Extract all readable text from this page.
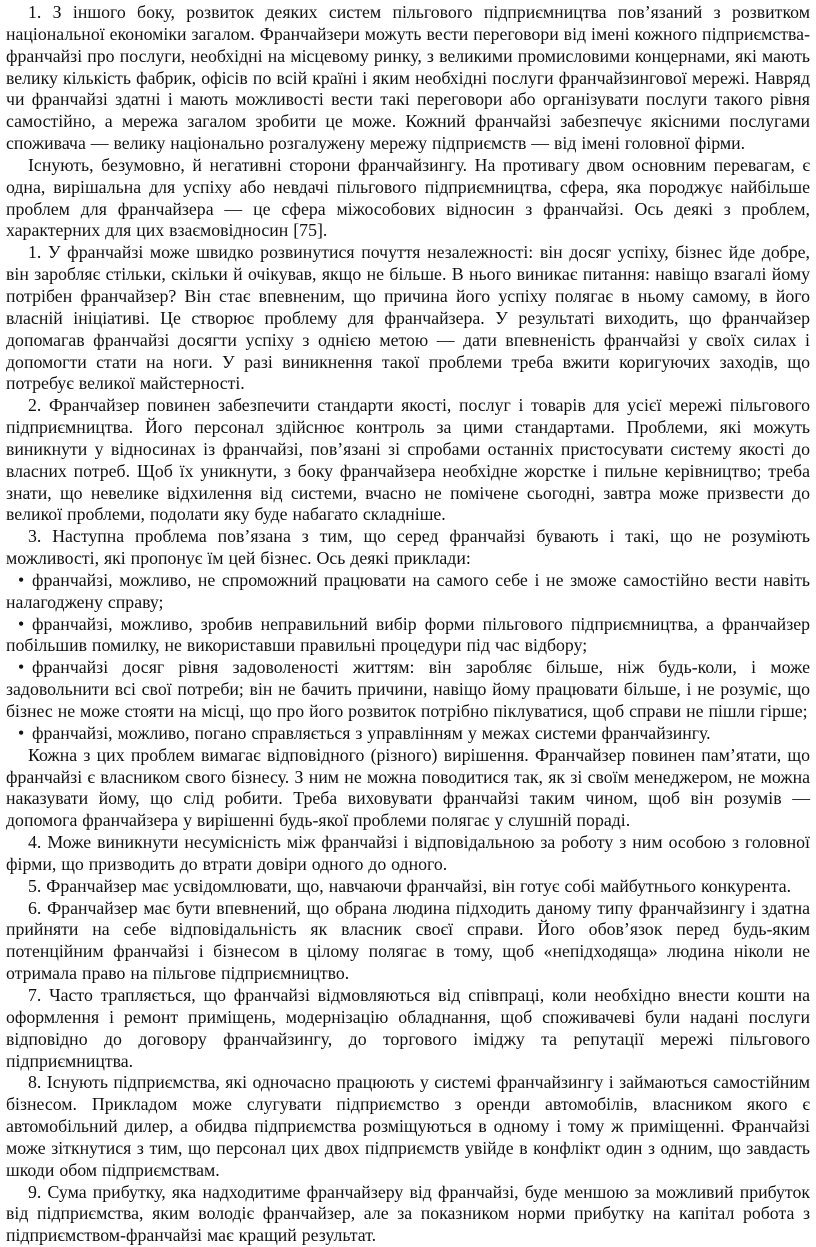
1. З іншого боку, розвиток деяких систем пільгового підприємництва пов’язаний з розвитком національної економіки загалом. Франчайзери можуть вести переговори від імені кожного підприємства-франчайзі про послуги, необхідні на місцевому ринку, з великими промисловими концернами, які мають велику кількість фабрик, офісів по всій країні і яким необхідні послуги франчайзингової мережі. Навряд чи франчайзі здатні і мають можливості вести такі переговори або організувати послуги такого рівня самостійно, а мережа загалом зробити це може. Кожний франчайзі забезпечує якісними послугами споживача — велику національно розгалужену мережу підприємств — від імені головної фірми.

Існують, безумовно, й негативні сторони франчайзингу. На противагу двом основним перевагам, є одна, вирішальна для успіху або невдачі пільгового підприємництва, сфера, яка породжує найбільше проблем для франчайзера — це сфера міжособових відносин з франчайзі. Ось деякі з проблем, характерних для цих взаємовідносин [75].

1. У франчайзі може швидко розвинутися почуття незалежності: він досяг успіху, бізнес йде добре, він заробляє стільки, скільки й очікував, якщо не більше. В нього виникає питання: навіщо взагалі йому потрібен франчайзер? Він стає впевненим, що причина його успіху полягає в ньому самому, в його власній ініціативі. Це створює проблему для франчайзера. У результаті виходить, що франчайзер допомагав франчайзі досягти успіху з однією метою — дати впевненість франчайзі у своїх силах і допомогти стати на ноги. У разі виникнення такої проблеми треба вжити коригуючих заходів, що потребує великої майстерності.

2. Франчайзер повинен забезпечити стандарти якості, послуг і товарів для усієї мережі пільгового підприємництва. Його персонал здійснює контроль за цими стандартами. Проблеми, які можуть виникнути у відносинах із франчайзі, пов’язані зі спробами останніх пристосувати систему якості до власних потреб. Щоб їх уникнути, з боку франчайзера необхідне жорстке і пильне керівництво; треба знати, що невелике відхилення від системи, вчасно не помічене сьогодні, завтра може призвести до великої проблеми, подолати яку буде набагато складніше.

3. Наступна проблема пов’язана з тим, що серед франчайзі бувають і такі, що не розуміють можливості, які пропонує їм цей бізнес. Ось деякі приклади:

• франчайзі, можливо, не спроможний працювати на самого себе і не зможе самостійно вести навіть налагоджену справу;

• франчайзі, можливо, зробив неправильний вибір форми пільгового підприємництва, а франчайзер побільшив помилку, не використавши правильні процедури під час відбору;

• франчайзі досяг рівня задоволеності життям: він заробляє більше, ніж будь-коли, і може задовольнити всі свої потреби; він не бачить причини, навіщо йому працювати більше, і не розуміє, що бізнес не може стояти на місці, що про його розвиток потрібно піклуватися, щоб справи не пішли гірше;

• франчайзі, можливо, погано справляється з управлінням у межах системи франчайзингу.

Кожна з цих проблем вимагає відповідного (різного) вирішення. Франчайзер повинен пам’ятати, що франчайзі є власником свого бізнесу. З ним не можна поводитися так, як зі своїм менеджером, не можна наказувати йому, що слід робити. Треба виховувати франчайзі таким чином, щоб він розумів — допомога франчайзера у вирішенні будь-якої проблеми полягає у слушній пораді.

4. Може виникнути несумісність між франчайзі і відповідальною за роботу з ним особою з головної фірми, що призводить до втрати довіри одного до одного.

5. Франчайзер має усвідомлювати, що, навчаючи франчайзі, він готує собі майбутнього конкурента.

6. Франчайзер має бути впевнений, що обрана людина підходить даному типу франчайзингу і здатна прийняти на себе відповідальність як власник своєї справи. Його обов’язок перед будь-яким потенційним франчайзі і бізнесом в цілому полягає в тому, щоб «непідходяща» людина ніколи не отримала право на пільгове підприємництво.

7. Часто трапляється, що франчайзі відмовляються від співпраці, коли необхідно внести кошти на оформлення і ремонт приміщень, модернізацію обладнання, щоб споживачеві були надані послуги відповідно до договору франчайзингу, до торгового іміджу та репутації мережі пільгового підприємництва.

8. Існують підприємства, які одночасно працюють у системі франчайзингу і займаються самостійним бізнесом. Прикладом може слугувати підприємство з оренди автомобілів, власником якого є автомобільний дилер, а обидва підприємства розміщуються в одному і тому ж приміщенні. Франчайзі може зіткнутися з тим, що персонал цих двох підприємств увійде в конфлікт один з одним, що завдасть шкоди обом підприємствам.

9. Сума прибутку, яка надходитиме франчайзеру від франчайзі, буде меншою за можливий прибуток від підприємства, яким володіє франчайзер, але за показником норми прибутку на капітал робота з підприємством-франчайзі має кращий результат.
